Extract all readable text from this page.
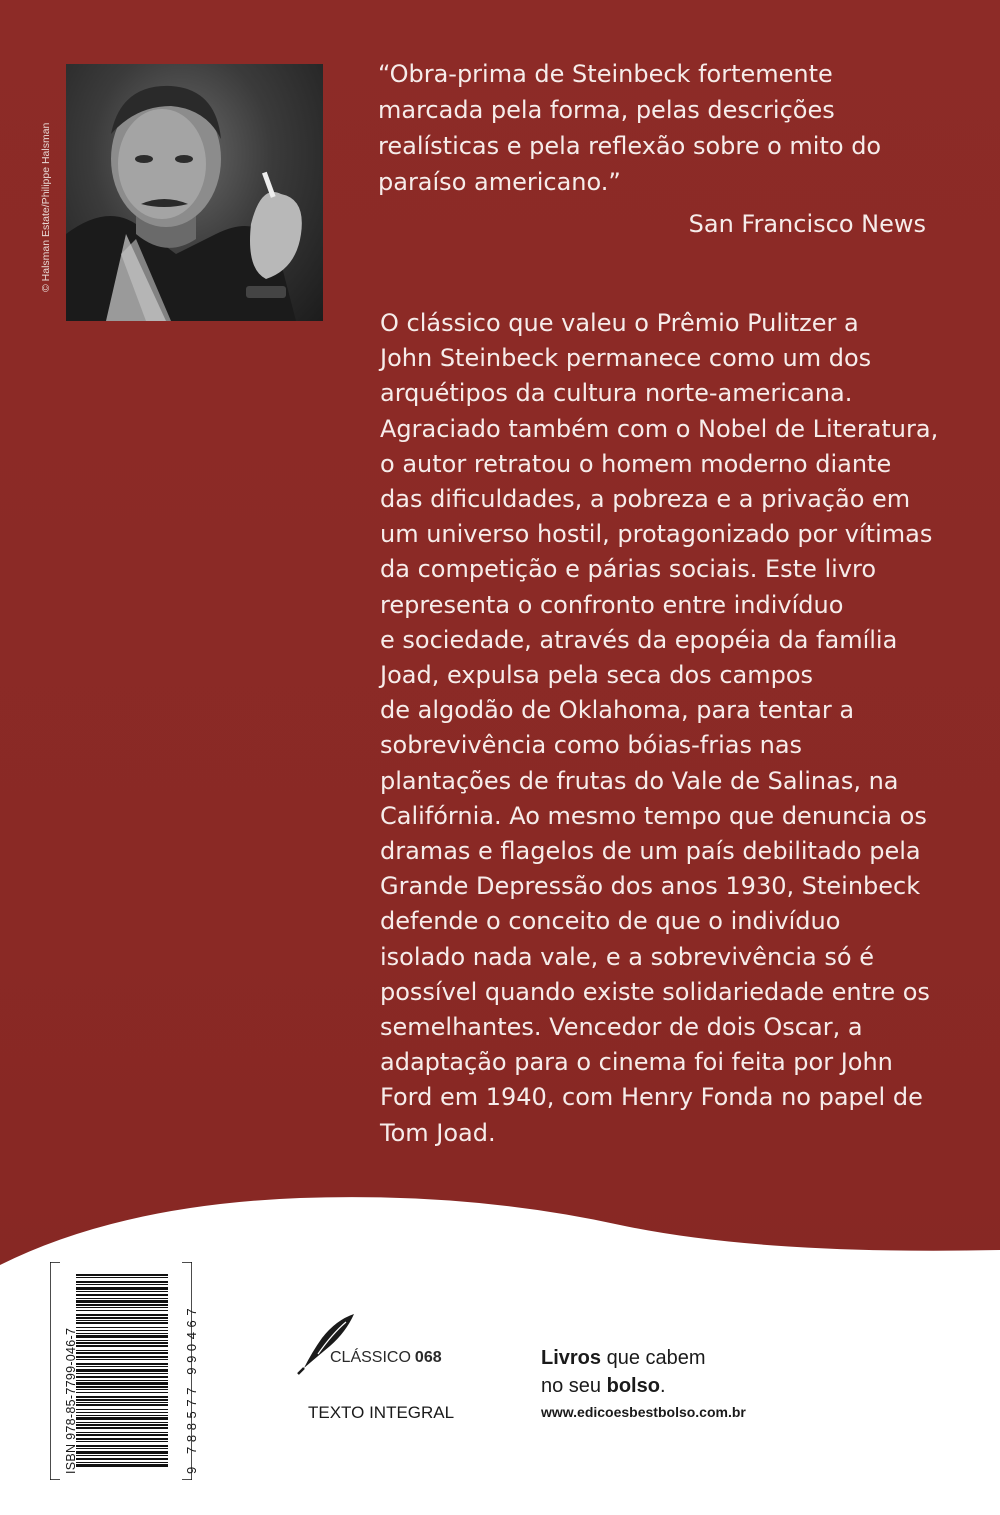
© Halsman Estate/Philippe Halsman
“Obra-prima de Steinbeck fortemente
marcada pela forma, pelas descrições
realísticas e pela reflexão sobre o mito do
paraíso americano.”
San Francisco News
O clássico que valeu o Prêmio Pulitzer a
John Steinbeck permanece como um dos
arquétipos da cultura norte-americana.
Agraciado também com o Nobel de Literatura,
o autor retratou o homem moderno diante
das dificuldades, a pobreza e a privação em
um universo hostil, protagonizado por vítimas
da competição e párias sociais. Este livro
representa o confronto entre indivíduo
e sociedade, através da epopéia da família
Joad, expulsa pela seca dos campos
de algodão de Oklahoma, para tentar a
sobrevivência como bóias-frias nas
plantações de frutas do Vale de Salinas, na
Califórnia. Ao mesmo tempo que denuncia os
dramas e flagelos de um país debilitado pela
Grande Depressão dos anos 1930, Steinbeck
defende o conceito de que o indivíduo
isolado nada vale, e a sobrevivência só é
possível quando existe solidariedade entre os
semelhantes. Vencedor de dois Oscar, a
adaptação para o cinema foi feita por John
Ford em 1940, com Henry Fonda no papel de
Tom Joad.
ISBN 978-85-7799-046-7	9 788577 990467	CLÁSSICO 068
TEXTO INTEGRAL
Livros que cabem
no seu bolso.
www.edicoesbestbolso.com.br
